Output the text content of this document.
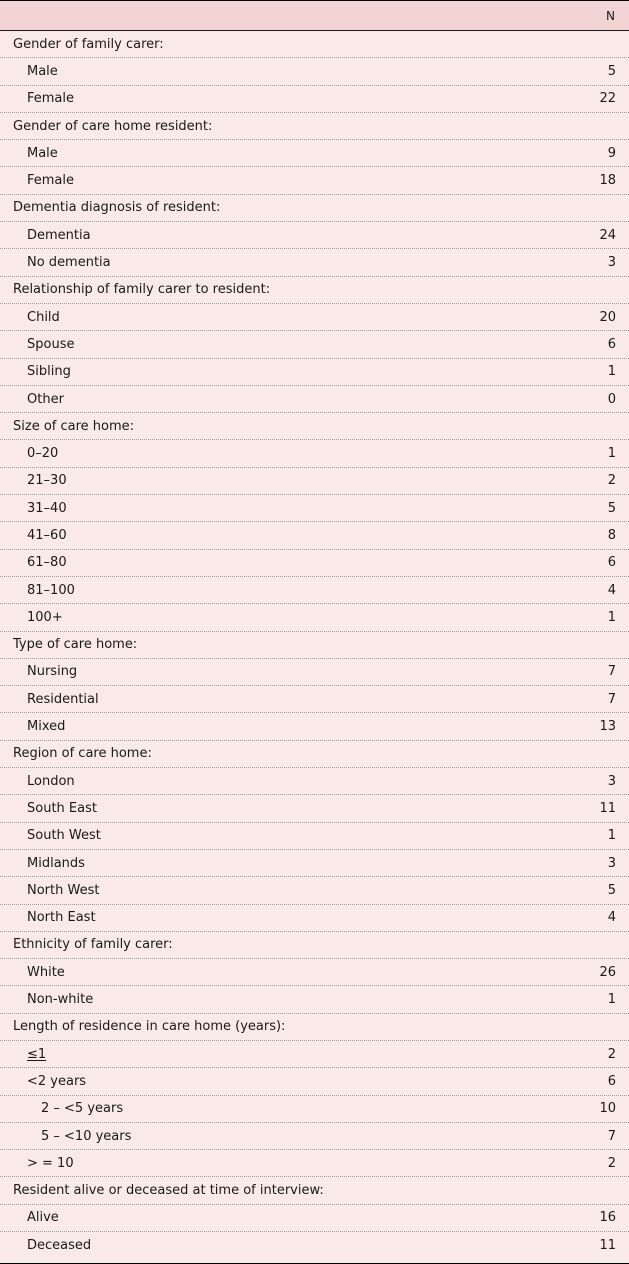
N
Gender of family carer:
Male	5
Female	22
Gender of care home resident:
Male	9
Female	18
Dementia diagnosis of resident:
Dementia	24
No dementia	3
Relationship of family carer to resident:
Child	20
Spouse	6
Sibling	1
Other	0
Size of care home:
0–20	1
21–30	2
31–40	5
41–60	8
61–80	6
81–100	4
100+	1
Type of care home:
Nursing	7
Residential	7
Mixed	13
Region of care home:
London	3
South East	11
South West	1
Midlands	3
North West	5
North East	4
Ethnicity of family carer:
White	26
Non-white	1
Length of residence in care home (years):
≤1	2
<2 years	6
2 – <5 years	10
5 – <10 years	7
> = 10	2
Resident alive or deceased at time of interview:
Alive	16
Deceased	11
